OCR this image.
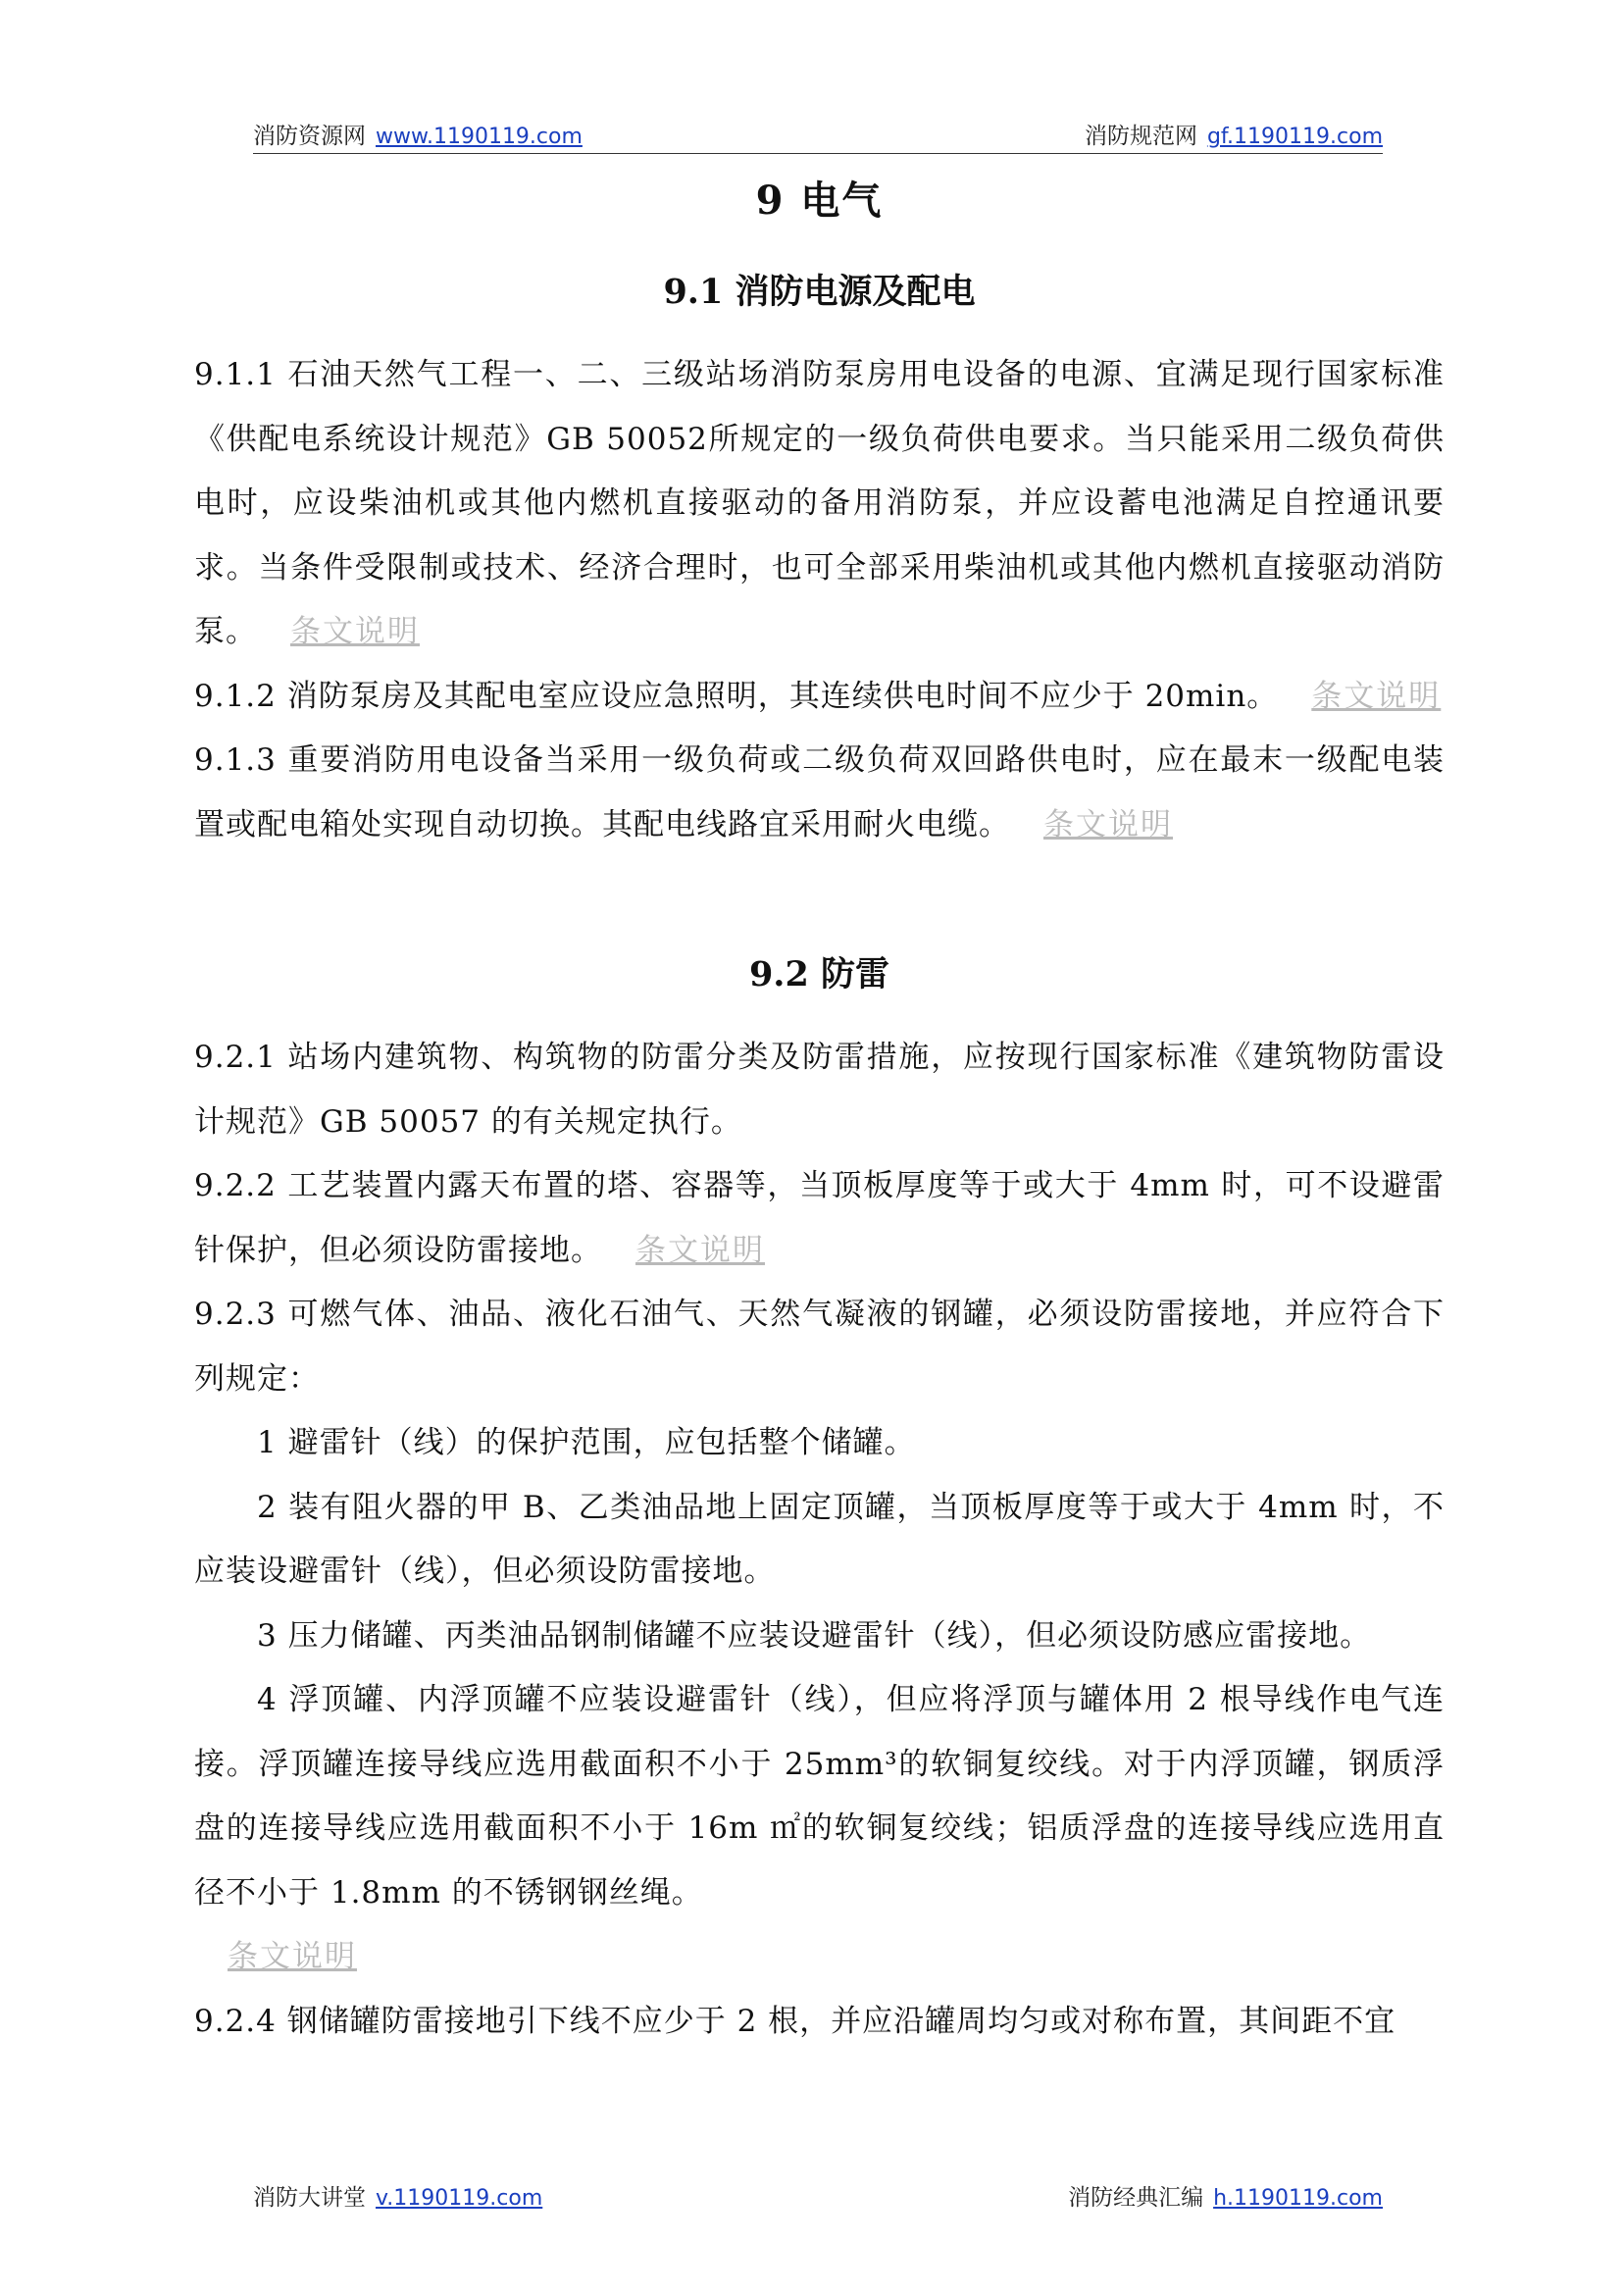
消防资源网 www.1190119.com	消防规范网 gf.1190119.com
9 电气
9.1 消防电源及配电

9.1.1 石油天然气工程一、二、三级站场消防泵房用电设备的电源、宜满足现行国家标准《供配电系统设计规范》GB 50052所规定的一级负荷供电要求。当只能采用二级负荷供电时，应设柴油机或其他内燃机直接驱动的备用消防泵，并应设蓄电池满足自控通讯要求。当条件受限制或技术、经济合理时，也可全部采用柴油机或其他内燃机直接驱动消防泵。 条文说明

9.1.2 消防泵房及其配电室应设应急照明，其连续供电时间不应少于 20min。 条文说明

9.1.3 重要消防用电设备当采用一级负荷或二级负荷双回路供电时，应在最末一级配电装置或配电箱处实现自动切换。其配电线路宜采用耐火电缆。 条文说明

9.2 防雷

9.2.1 站场内建筑物、构筑物的防雷分类及防雷措施，应按现行国家标准《建筑物防雷设计规范》GB 50057 的有关规定执行。

9.2.2 工艺装置内露天布置的塔、容器等，当顶板厚度等于或大于 4mm 时，可不设避雷针保护，但必须设防雷接地。 条文说明

9.2.3 可燃气体、油品、液化石油气、天然气凝液的钢罐，必须设防雷接地，并应符合下列规定：

1 避雷针（线）的保护范围，应包括整个储罐。

2 装有阻火器的甲 B、乙类油品地上固定顶罐，当顶板厚度等于或大于 4mm 时，不应装设避雷针（线），但必须设防雷接地。

3 压力储罐、丙类油品钢制储罐不应装设避雷针（线），但必须设防感应雷接地。

4 浮顶罐、内浮顶罐不应装设避雷针（线），但应将浮顶与罐体用 2 根导线作电气连接。浮顶罐连接导线应选用截面积不小于 25mm³的软铜复绞线。对于内浮顶罐，钢质浮盘的连接导线应选用截面积不小于 16m ㎡的软铜复绞线；铝质浮盘的连接导线应选用直径不小于 1.8mm 的不锈钢钢丝绳。

条文说明

9.2.4 钢储罐防雷接地引下线不应少于 2 根，并应沿罐周均匀或对称布置，其间距不宜

消防大讲堂 v.1190119.com	消防经典汇编 h.1190119.com
